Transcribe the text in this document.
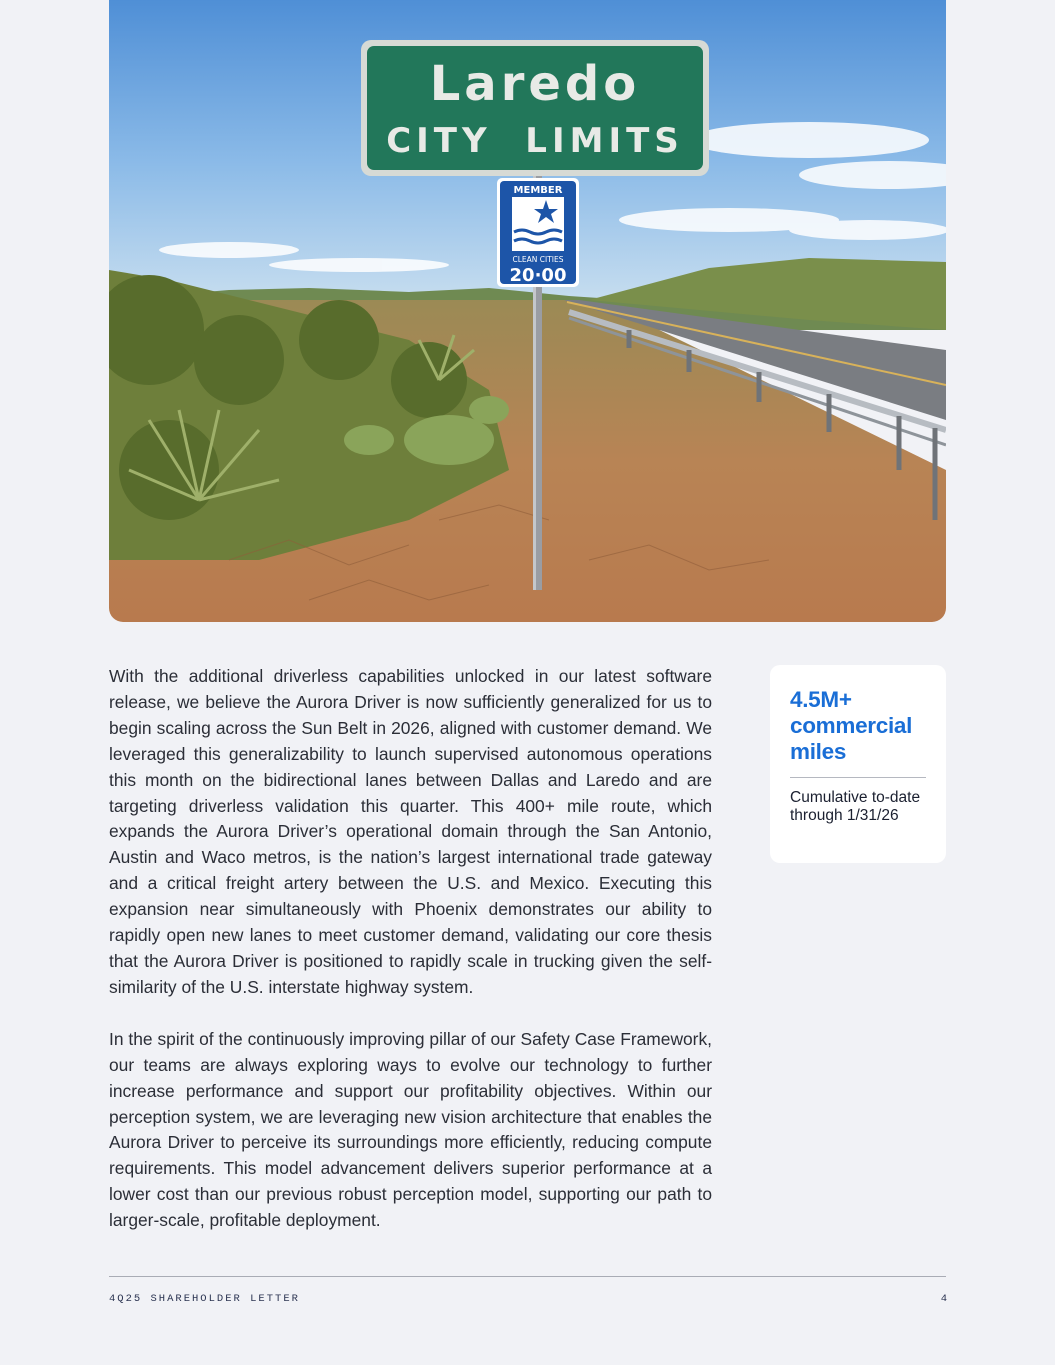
Laredo
CITY  LIMITS
MEMBER
CLEAN CITIES
20·00

With the additional driverless capabilities unlocked in our latest software release, we believe the Aurora Driver is now sufficiently generalized for us to begin scaling across the Sun Belt in 2026, aligned with customer demand. We leveraged this generalizability to launch supervised autonomous operations this month on the bidirectional lanes between Dallas and Laredo and are targeting driverless validation this quarter. This 400+ mile route, which expands the Aurora Driver’s operational domain through the San Antonio, Austin and Waco metros, is the nation’s largest international trade gateway and a critical freight artery between the U.S. and Mexico. Executing this expansion near simultaneously with Phoenix demonstrates our ability to rapidly open new lanes to meet customer demand, validating our core thesis that the Aurora Driver is positioned to rapidly scale in trucking given the self-similarity of the U.S. interstate highway system.

In the spirit of the continuously improving pillar of our Safety Case Framework, our teams are always exploring ways to evolve our technology to further increase performance and support our profitability objectives. Within our perception system, we are leveraging new vision architecture that enables the Aurora Driver to perceive its surroundings more efficiently, reducing compute requirements. This model advancement delivers superior performance at a lower cost than our previous robust perception model, supporting our path to larger-scale, profitable deployment.

4.5M+ commercial miles
Cumulative to-date through 1/31/26
4Q25 SHAREHOLDER LETTER	4
